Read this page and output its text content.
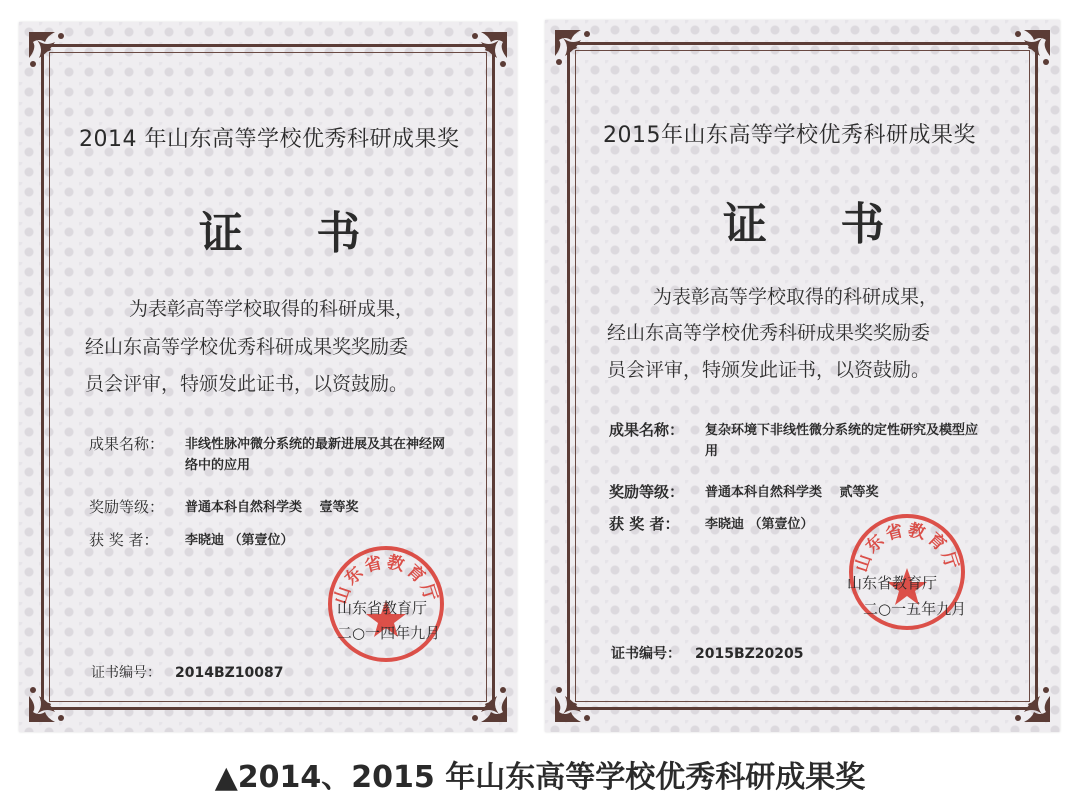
2014 年山东高等学校优秀科研成果奖
证 书
为表彰高等学校取得的科研成果，
经山东高等学校优秀科研成果奖奖励委
员会评审，特颁发此证书，以资鼓励。
成果名称：	非线性脉冲微分系统的最新进展及其在神经网络中的应用
奖励等级：	普通本科自然科学类　 壹等奖
获 奖 者：	李晓迪 （第壹位）
山东省教育厅
山东省教育厅
二○一四年九月
证书编号： 2014BZ10087
2015年山东高等学校优秀科研成果奖
证 书
为表彰高等学校取得的科研成果，
经山东高等学校优秀科研成果奖奖励委
员会评审，特颁发此证书，以资鼓励。
成果名称：	复杂环境下非线性微分系统的定性研究及模型应用
奖励等级：	普通本科自然科学类　 贰等奖
获 奖 者：	李晓迪 （第壹位）
山东省教育厅
山东省教育厅
二○一五年九月
证书编号： 2015BZ20205
▲2014、2015 年山东高等学校优秀科研成果奖
